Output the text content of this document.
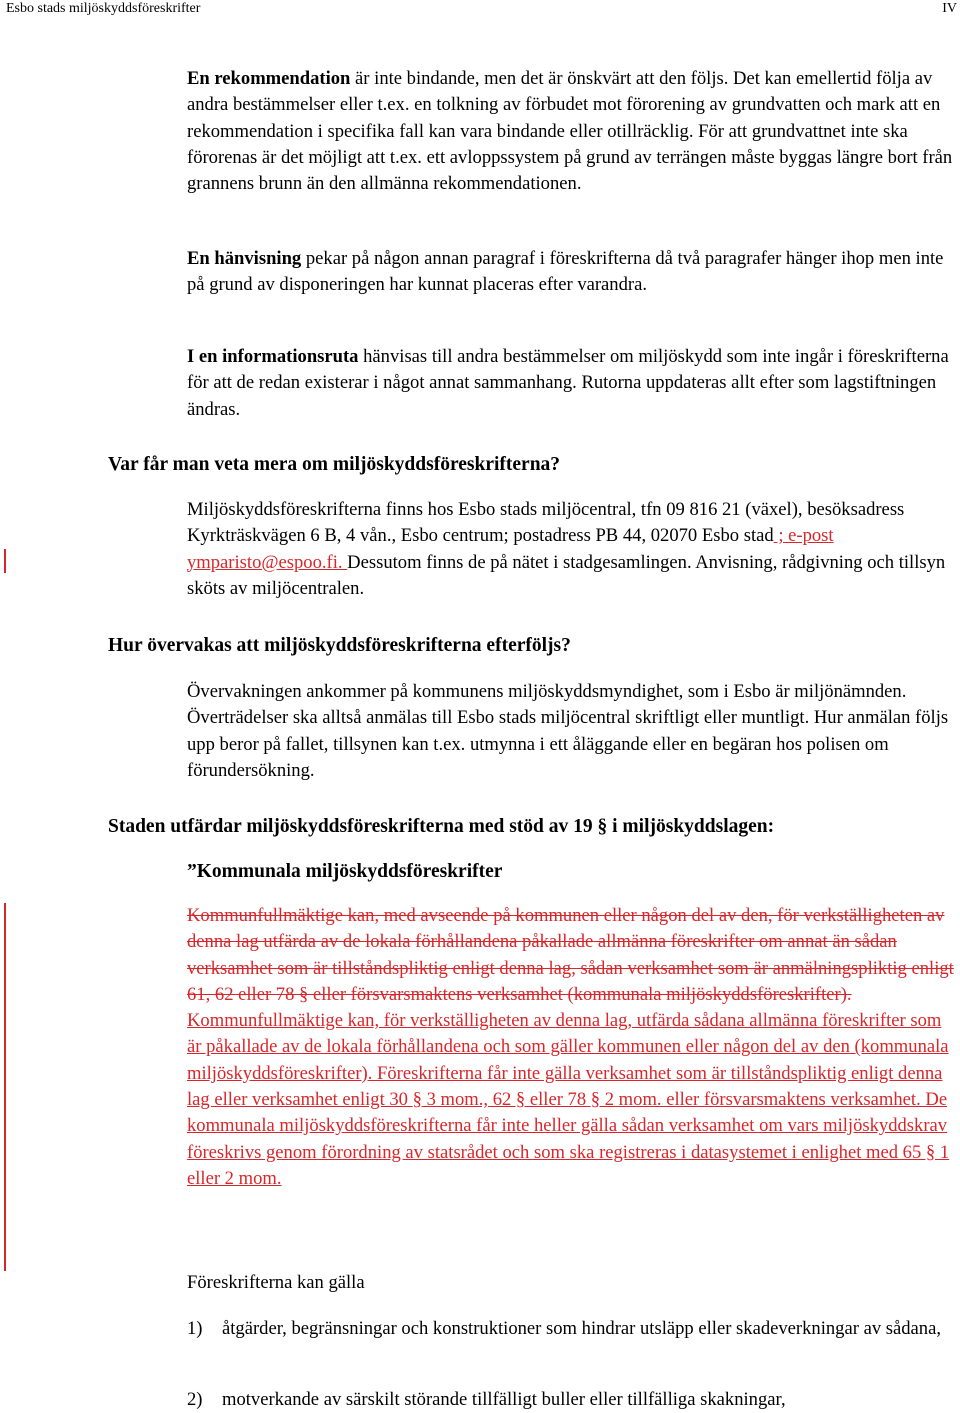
Esbo stads miljöskyddsföreskrifter	IV

En rekommendation är inte bindande, men det är önskvärt att den följs. Det kan emellertid följa av andra bestämmelser eller t.ex. en tolkning av förbudet mot förorening av grundvatten och mark att en rekommendation i specifika fall kan vara bindande eller otillräcklig. För att grundvattnet inte ska förorenas är det möjligt att t.ex. ett avloppssystem på grund av terrängen måste byggas längre bort från grannens brunn än den allmänna rekommendationen.

En hänvisning pekar på någon annan paragraf i föreskrifterna då två paragrafer hänger ihop men inte på grund av disponeringen har kunnat placeras efter varandra.

I en informationsruta hänvisas till andra bestämmelser om miljöskydd som inte ingår i föreskrifterna för att de redan existerar i något annat sammanhang. Rutorna uppdateras allt efter som lagstiftningen ändras.

Var får man veta mera om miljöskyddsföreskrifterna?

Miljöskyddsföreskrifterna finns hos Esbo stads miljöcentral, tfn 09 816 21 (växel), besöksadress Kyrkträskvägen 6 B, 4 vån., Esbo centrum; postadress PB 44, 02070 Esbo stad ; e-post ymparisto@espoo.fi. Dessutom finns de på nätet i stadgesamlingen. Anvisning, rådgivning och tillsyn sköts av miljöcentralen.

Hur övervakas att miljöskyddsföreskrifterna efterföljs?

Övervakningen ankommer på kommunens miljöskyddsmyndighet, som i Esbo är miljönämnden. Överträdelser ska alltså anmälas till Esbo stads miljöcentral skriftligt eller muntligt. Hur anmälan följs upp beror på fallet, tillsynen kan t.ex. utmynna i ett åläggande eller en begäran hos polisen om förundersökning.

Staden utfärdar miljöskyddsföreskrifterna med stöd av 19 § i miljöskyddslagen:

”Kommunala miljöskyddsföreskrifter

Kommunfullmäktige kan, med avseende på kommunen eller någon del av den, för verkställigheten av denna lag utfärda av de lokala förhållandena påkallade allmänna föreskrifter om annat än sådan verksamhet som är tillståndspliktig enligt denna lag, sådan verksamhet som är anmälningspliktig enligt 61, 62 eller 78 § eller försvarsmaktens verksamhet (kommunala miljöskyddsföreskrifter). Kommunfullmäktige kan, för verkställigheten av denna lag, utfärda sådana allmänna föreskrifter som är påkallade av de lokala förhållandena och som gäller kommunen eller någon del av den (kommunala miljöskyddsföreskrifter). Föreskrifterna får inte gälla verksamhet som är tillståndspliktig enligt denna lag eller verksamhet enligt 30 § 3 mom., 62 § eller 78 § 2 mom. eller försvarsmaktens verksamhet. De kommunala miljöskyddsföreskrifterna får inte heller gälla sådan verksamhet om vars miljöskyddskrav föreskrivs genom förordning av statsrådet och som ska registreras i datasystemet i enlighet med 65 § 1 eller 2 mom.

Föreskrifterna kan gälla

1) åtgärder, begränsningar och konstruktioner som hindrar utsläpp eller skadeverkningar av sådana,
2) motverkande av särskilt störande tillfälligt buller eller tillfälliga skakningar,
